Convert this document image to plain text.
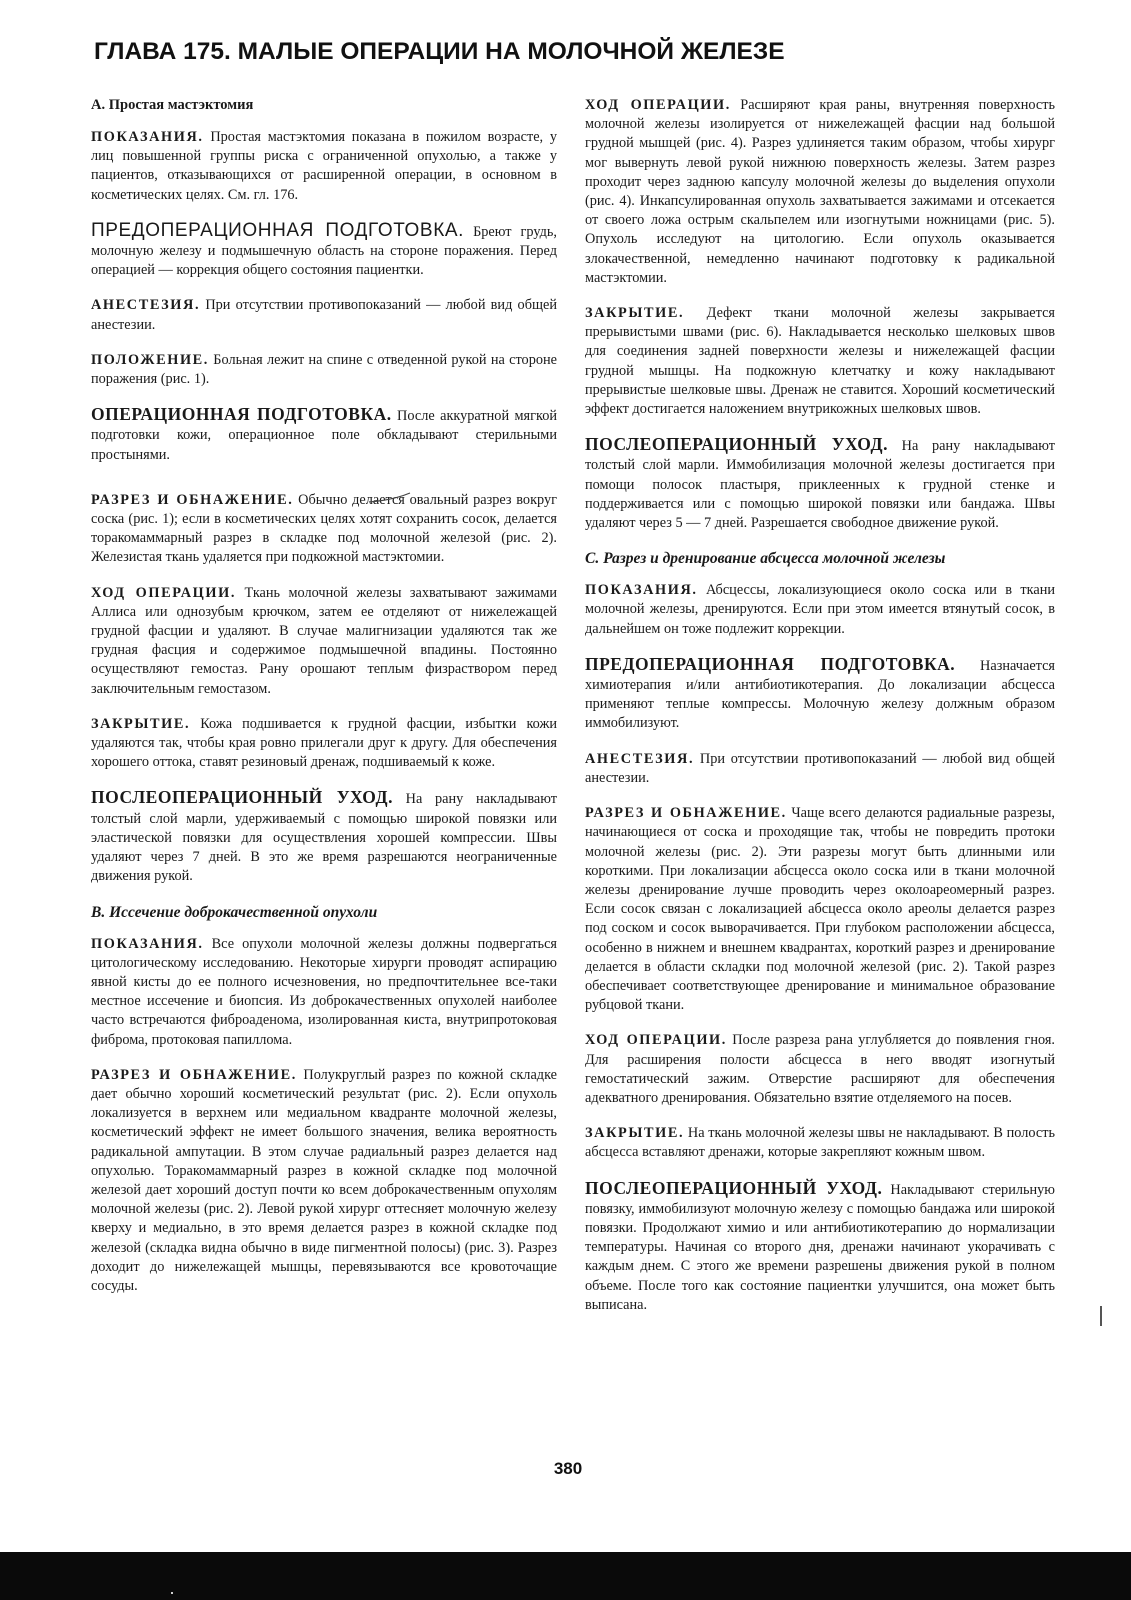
ГЛАВА 175. МАЛЫЕ ОПЕРАЦИИ НА МОЛОЧНОЙ ЖЕЛЕЗЕ
А. Простая мастэктомия

ПОКАЗАНИЯ. Простая мастэктомия показана в пожилом возрасте, у лиц повышенной группы риска с ограниченной опухолью, а также у пациентов, отказывающихся от расширенной операции, в основном в косметических целях. См. гл. 176.

ПРЕДОПЕРАЦИОННАЯ ПОДГОТОВКА. Бреют грудь, молочную железу и подмышечную область на стороне поражения. Перед операцией — коррекция общего состояния пациентки.

АНЕСТЕЗИЯ. При отсутствии противопоказаний — любой вид общей анестезии.

ПОЛОЖЕНИЕ. Больная лежит на спине с отведенной рукой на стороне поражения (рис. 1).

ОПЕРАЦИОННАЯ ПОДГОТОВКА. После аккуратной мягкой подготовки кожи, операционное поле обкладывают стерильными простынями.

РАЗРЕЗ И ОБНАЖЕНИЕ. Обычно делается овальный разрез вокруг соска (рис. 1); если в косметических целях хотят сохранить сосок, делается торакомаммарный разрез в складке под молочной железой (рис. 2). Железистая ткань удаляется при подкожной мастэктомии.

ХОД ОПЕРАЦИИ. Ткань молочной железы захватывают зажимами Аллиса или однозубым крючком, затем ее отделяют от нижележащей грудной фасции и удаляют. В случае малигнизации удаляются так же грудная фасция и содержимое подмышечной впадины. Постоянно осуществляют гемостаз. Рану орошают теплым физраствором перед заключительным гемостазом.

ЗАКРЫТИЕ. Кожа подшивается к грудной фасции, избытки кожи удаляются так, чтобы края ровно прилегали друг к другу. Для обеспечения хорошего оттока, ставят резиновый дренаж, подшиваемый к коже.

ПОСЛЕОПЕРАЦИОННЫЙ УХОД. На рану накладывают толстый слой марли, удерживаемый с помощью широкой повязки или эластической повязки для осуществления хорошей компрессии. Швы удаляют через 7 дней. В это же время разрешаются неограниченные движения рукой.

В. Иссечение доброкачественной опухоли

ПОКАЗАНИЯ. Все опухоли молочной железы должны подвергаться цитологическому исследованию. Некоторые хирурги проводят аспирацию явной кисты до ее полного исчезновения, но предпочтительнее все-таки местное иссечение и биопсия. Из доброкачественных опухолей наиболее часто встречаются фиброаденома, изолированная киста, внутрипротоковая фиброма, протоковая папиллома.

РАЗРЕЗ И ОБНАЖЕНИЕ. Полукруглый разрез по кожной складке дает обычно хороший косметический результат (рис. 2). Если опухоль локализуется в верхнем или медиальном квадранте молочной железы, косметический эффект не имеет большого значения, велика вероятность радикальной ампутации. В этом случае радиальный разрез делается над опухолью. Торакомаммарный разрез в кожной складке под молочной железой дает хороший доступ почти ко всем доброкачественным опухолям молочной железы (рис. 2). Левой рукой хирург оттесняет молочную железу кверху и медиально, в это время делается разрез в кожной складке под железой (складка видна обычно в виде пигментной полосы) (рис. 3). Разрез доходит до нижележащей мышцы, перевязываются все кровоточащие сосуды.

ХОД ОПЕРАЦИИ. Расширяют края раны, внутренняя поверхность молочной железы изолируется от нижележащей фасции над большой грудной мышцей (рис. 4). Разрез удлиняется таким образом, чтобы хирург мог вывернуть левой рукой нижнюю поверхность железы. Затем разрез проходит через заднюю капсулу молочной железы до выделения опухоли (рис. 4). Инкапсулированная опухоль захватывается зажимами и отсекается от своего ложа острым скальпелем или изогнутыми ножницами (рис. 5). Опухоль исследуют на цитологию. Если опухоль оказывается злокачественной, немедленно начинают подготовку к радикальной мастэктомии.

ЗАКРЫТИЕ. Дефект ткани молочной железы закрывается прерывистыми швами (рис. 6). Накладывается несколько шелковых швов для соединения задней поверхности железы и нижележащей фасции грудной мышцы. На подкожную клетчатку и кожу накладывают прерывистые шелковые швы. Дренаж не ставится. Хороший косметический эффект достигается наложением внутрикожных шелковых швов.

ПОСЛЕОПЕРАЦИОННЫЙ УХОД. На рану накладывают толстый слой марли. Иммобилизация молочной железы достигается при помощи полосок пластыря, приклеенных к грудной стенке и поддерживается или с помощью широкой повязки или бандажа. Швы удаляют через 5 — 7 дней. Разрешается свободное движение рукой.

С. Разрез и дренирование абсцесса молочной железы

ПОКАЗАНИЯ. Абсцессы, локализующиеся около соска или в ткани молочной железы, дренируются. Если при этом имеется втянутый сосок, в дальнейшем он тоже подлежит коррекции.

ПРЕДОПЕРАЦИОННАЯ ПОДГОТОВКА. Назначается химиотерапия и/или антибиотикотерапия. До локализации абсцесса применяют теплые компрессы. Молочную железу должным образом иммобилизуют.

АНЕСТЕЗИЯ. При отсутствии противопоказаний — любой вид общей анестезии.

РАЗРЕЗ И ОБНАЖЕНИЕ. Чаще всего делаются радиальные разрезы, начинающиеся от соска и проходящие так, чтобы не повредить протоки молочной железы (рис. 2). Эти разрезы могут быть длинными или короткими. При локализации абсцесса около соска или в ткани молочной железы дренирование лучше проводить через околоареомерный разрез. Если сосок связан с локализацией абсцесса около ареолы делается разрез под соском и сосок выворачивается. При глубоком расположении абсцесса, особенно в нижнем и внешнем квадрантах, короткий разрез и дренирование делается в области складки под молочной железой (рис. 2). Такой разрез обеспечивает соответствующее дренирование и минимальное образование рубцовой ткани.

ХОД ОПЕРАЦИИ. После разреза рана углубляется до появления гноя. Для расширения полости абсцесса в него вводят изогнутый гемостатический зажим. Отверстие расширяют для обеспечения адекватного дренирования. Обязательно взятие отделяемого на посев.

ЗАКРЫТИЕ. На ткань молочной железы швы не накладывают. В полость абсцесса вставляют дренажи, которые закрепляют кожным швом.

ПОСЛЕОПЕРАЦИОННЫЙ УХОД. Накладывают стерильную повязку, иммобилизуют молочную железу с помощью бандажа или широкой повязки. Продолжают химио и или антибиотикотерапию до нормализации температуры. Начиная со второго дня, дренажи начинают укорачивать с каждым днем. С этого же времени разрешены движения рукой в полном объеме. После того как состояние пациентки улучшится, она может быть выписана.

380
